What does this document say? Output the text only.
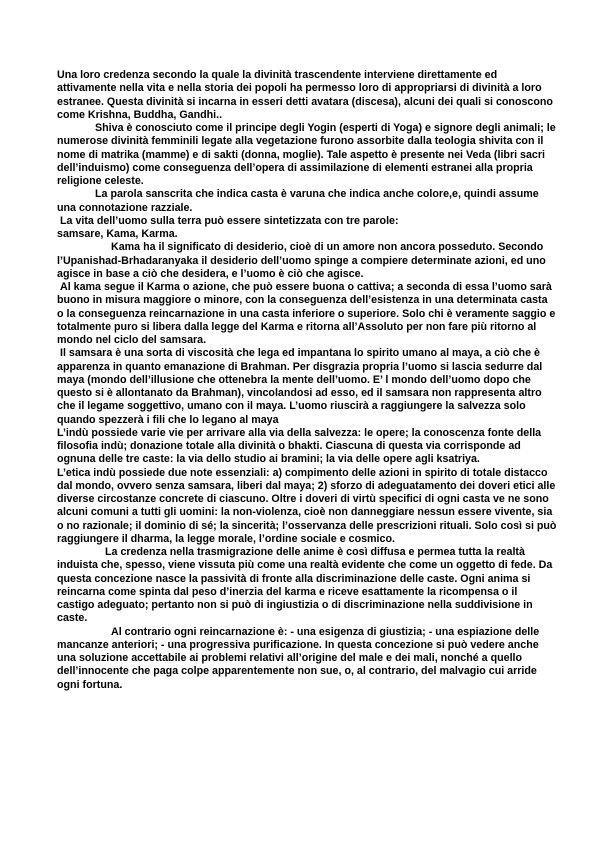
Una loro credenza secondo la quale la divinità trascendente interviene direttamente ed attivamente nella vita e nella storia dei popoli ha permesso loro di appropriarsi di divinità a loro estranee. Questa divinità si incarna in esseri detti avatara (discesa), alcuni dei quali si conoscono come Krishna, Buddha, Gandhi..

Shiva è conosciuto come il principe degli Yogin (esperti di Yoga) e signore degli animali; le numerose divinità femminili legate alla vegetazione furono assorbite dalla teologia shivita con il nome di matrika (mamme) e di sakti (donna, moglie). Tale aspetto è presente nei Veda (libri sacri dell’induismo) come conseguenza dell’opera di assimilazione di elementi estranei alla propria religione celeste.

La parola sanscrita che indica casta è varuna che indica anche colore,e, quindi assume una connotazione razziale.

La vita dell’uomo sulla terra può essere sintetizzata con tre parole:

samsare, Kama, Karma.

Kama ha il significato di desiderio, cioè di un amore non ancora posseduto. Secondo l’Upanishad-Brhadaranyaka il desiderio dell’uomo spinge a compiere determinate azioni, ed uno agisce in base a ciò che desidera, e l’uomo è ciò che agisce.

Al kama segue il Karma o azione, che può essere buona o cattiva; a seconda di essa l’uomo sarà buono in misura maggiore o minore, con la conseguenza dell’esistenza in una determinata casta o la conseguenza reincarnazione in una casta inferiore o superiore. Solo chi è veramente saggio e totalmente puro si libera dalla legge del Karma e ritorna all’Assoluto per non fare più ritorno al mondo nel ciclo del samsara.

Il samsara è una sorta di viscosità che lega ed impantana lo spirito umano al maya, a ciò che è apparenza in quanto emanazione di Brahman. Per disgrazia propria l’uomo si lascia sedurre dal maya (mondo dell’illusione che ottenebra la mente dell’uomo. E’ l mondo dell’uomo dopo che questo si è allontanato da Brahman), vincolandosi ad esso, ed il samsara non rappresenta altro che il legame soggettivo, umano con il maya. L’uomo riuscirà a raggiungere la salvezza solo quando spezzerà i fili che lo legano al maya

L’indù possiede varie vie per arrivare alla via della salvezza: le opere; la conoscenza fonte della filosofia indù; donazione totale alla divinità o bhakti. Ciascuna di questa via corrisponde ad ognuna delle tre caste: la via dello studio ai bramini; la via delle opere agli ksatriya.

L’etica indù possiede due note essenziali: a) compimento delle azioni in spirito di totale distacco dal mondo, ovvero senza samsara, liberi dal maya; 2) sforzo di adeguatamento dei doveri etici alle diverse circostanze concrete di ciascuno. Oltre i doveri di virtù specifici di ogni casta ve ne sono alcuni comuni a tutti gli uomini: la non-violenza, cioè non danneggiare nessun essere vivente, sia o no razionale; il dominio di sé; la sincerità; l’osservanza delle prescrizioni rituali. Solo così si può raggiungere il dharma, la legge morale, l’ordine sociale e cosmico.

La credenza nella trasmigrazione delle anime è così diffusa e permea tutta la realtà induista che, spesso, viene vissuta più come una realtà evidente che come un oggetto di fede. Da questa concezione nasce la passività di fronte alla discriminazione delle caste. Ogni anima si reincarna come spinta dal peso d’inerzia del karma e riceve esattamente la ricompensa o il castigo adeguato; pertanto non si può di ingiustizia o di discriminazione nella suddivisione in caste.

Al contrario ogni reincarnazione è: - una esigenza di giustizia; - una espiazione delle mancanze anteriori; - una progressiva purificazione. In questa concezione si può vedere anche una soluzione accettabile ai problemi relativi all’origine del male e dei mali, nonché a quello dell’innocente che paga colpe apparentemente non sue, o, al contrario, del malvagio cui arride ogni fortuna.
